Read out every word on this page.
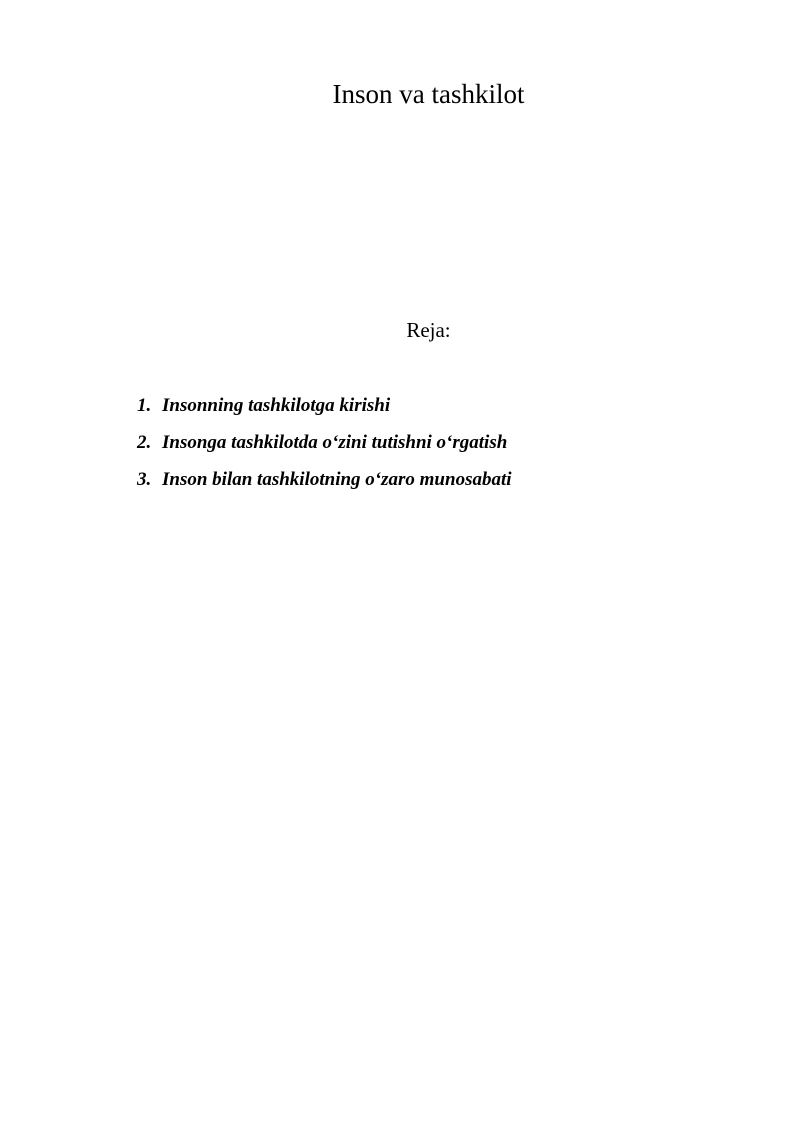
Inson va tashkilot
Reja:
1. Insonning tashkilotga kirishi
2. Insonga tashkilotda o‘zini tutishni o‘rgatish
3. Inson bilan tashkilotning o‘zaro munosabati
